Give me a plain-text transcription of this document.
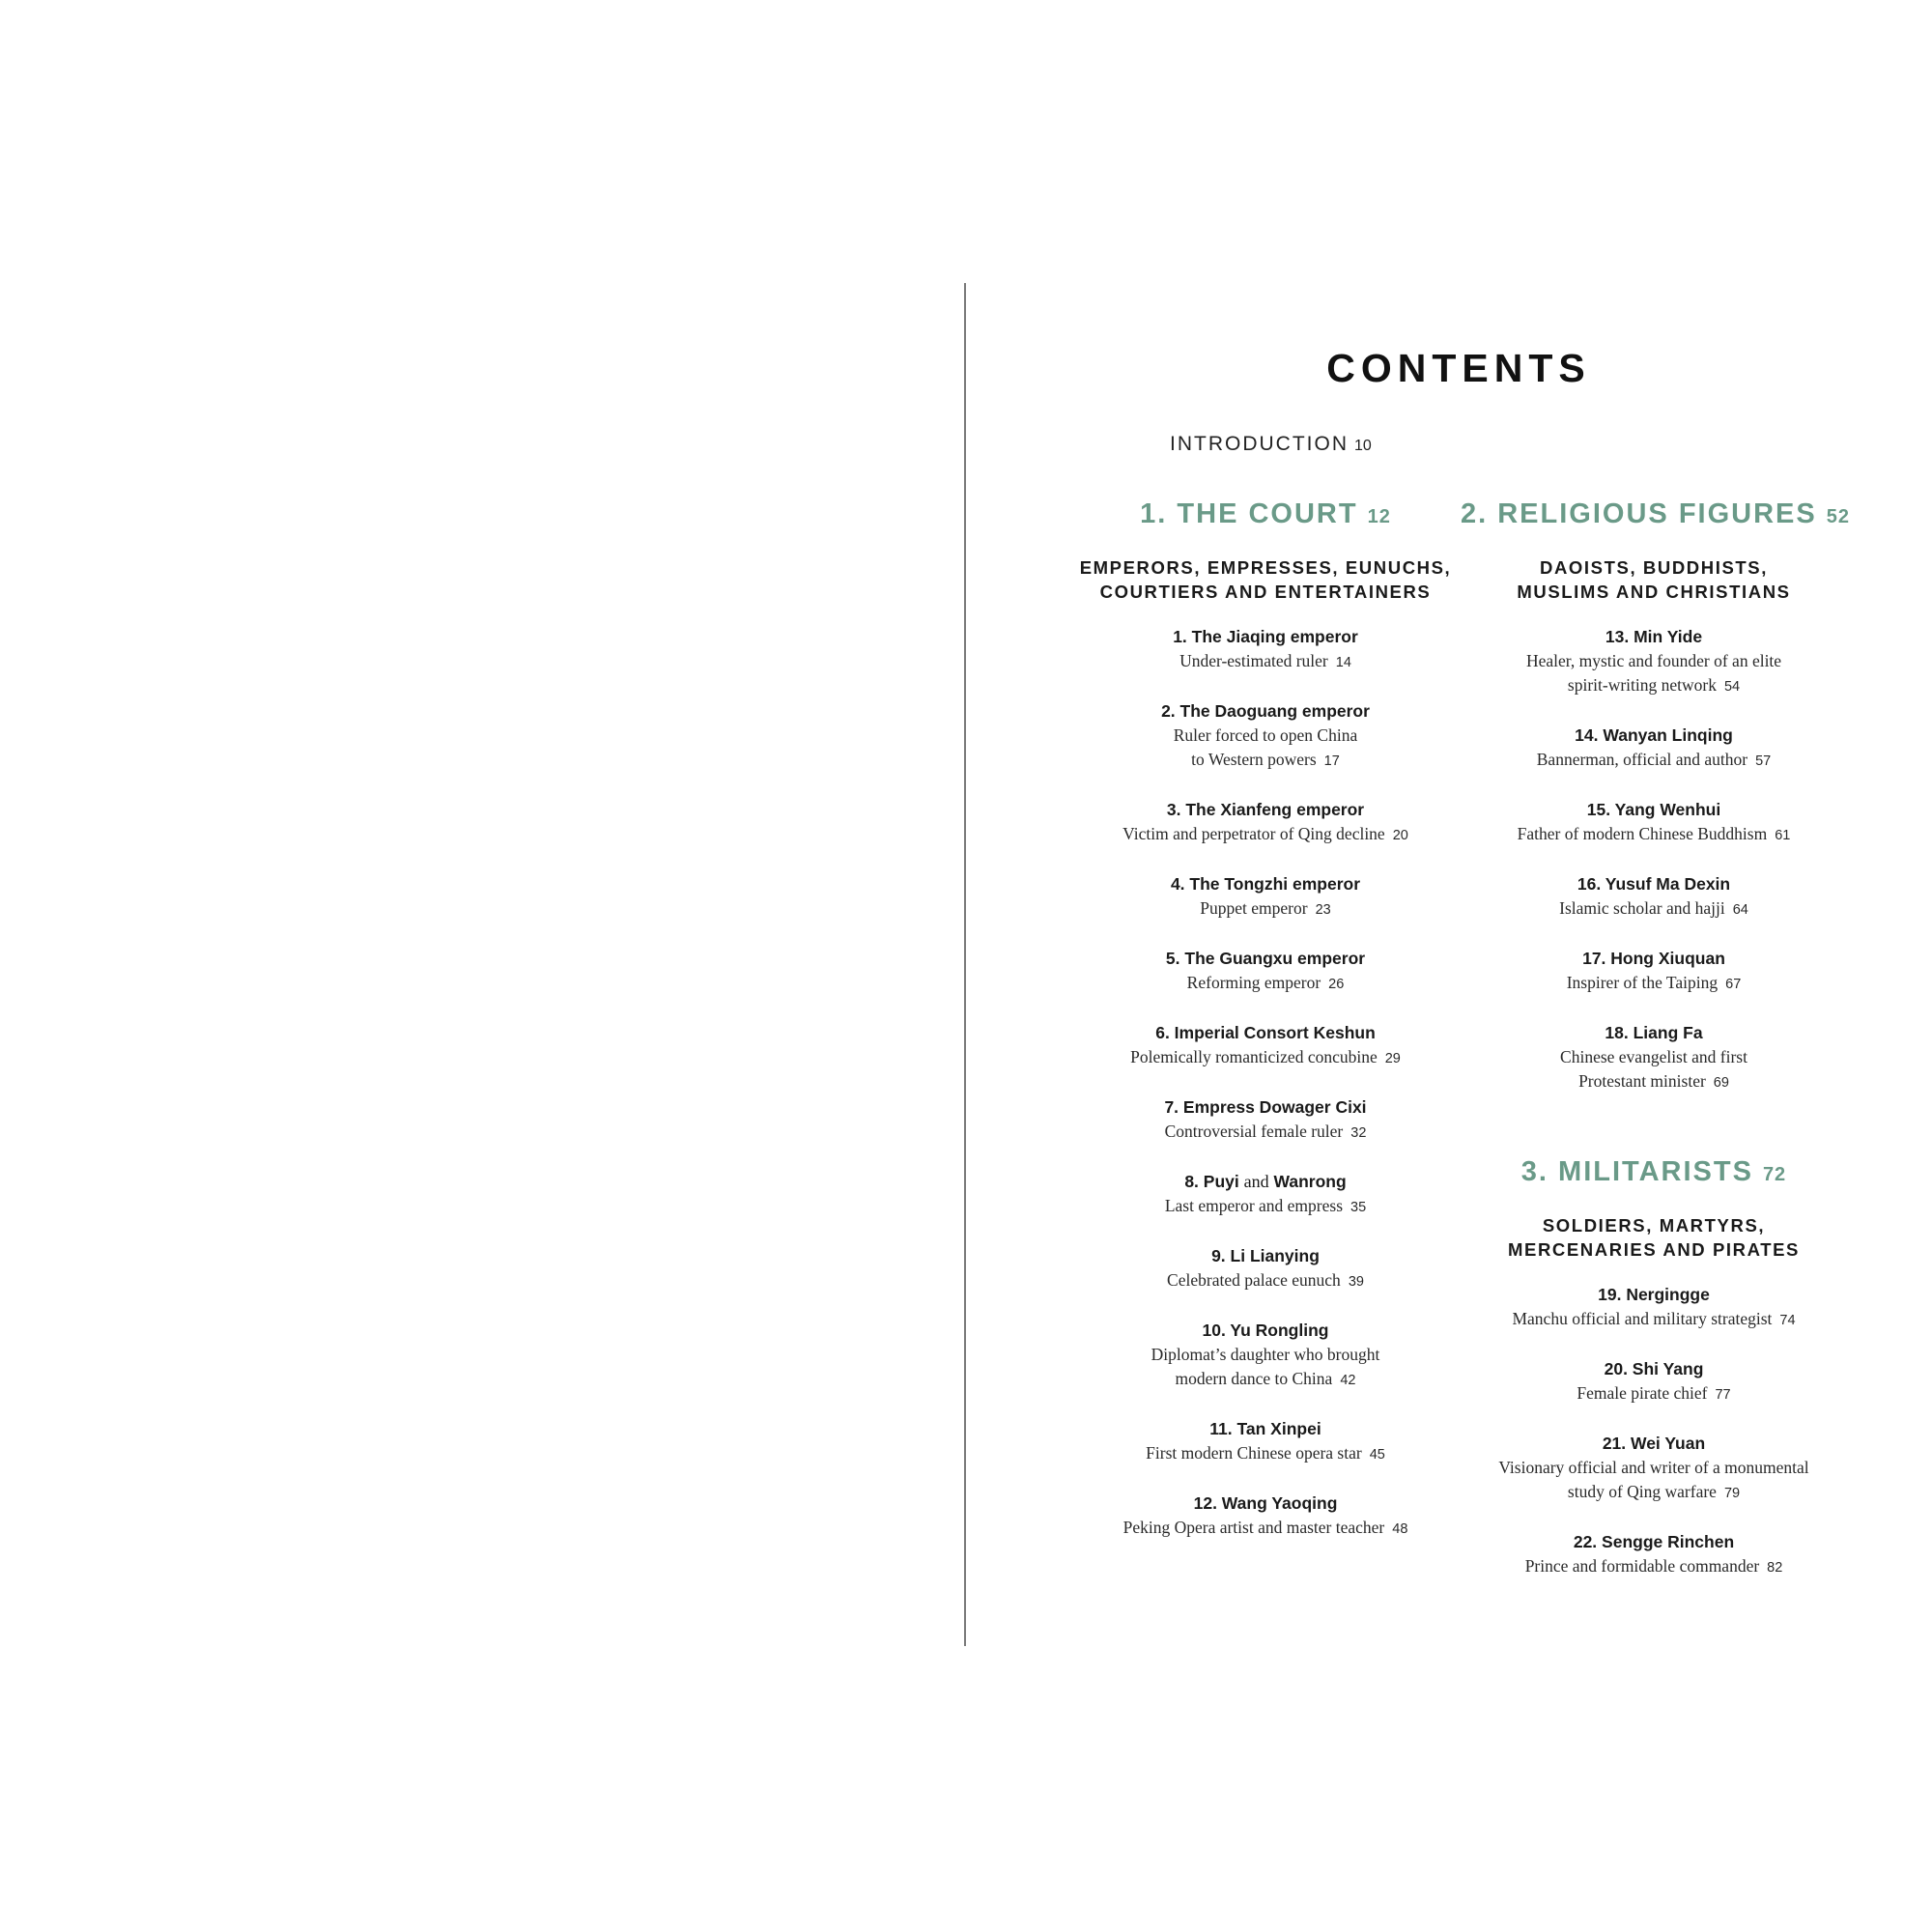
CONTENTS
INTRODUCTION 10
1. THE COURT 12
EMPERORS, EMPRESSES, EUNUCHS,
COURTIERS AND ENTERTAINERS
1. The Jiaqing emperor
Under-estimated ruler 14
2. The Daoguang emperor
Ruler forced to open China
to Western powers 17
3. The Xianfeng emperor
Victim and perpetrator of Qing decline 20
4. The Tongzhi emperor
Puppet emperor 23
5. The Guangxu emperor
Reforming emperor 26
6. Imperial Consort Keshun
Polemically romanticized concubine 29
7. Empress Dowager Cixi
Controversial female ruler 32
8. Puyi and Wanrong
Last emperor and empress 35
9. Li Lianying
Celebrated palace eunuch 39
10. Yu Rongling
Diplomat’s daughter who brought
modern dance to China 42
11. Tan Xinpei
First modern Chinese opera star 45
12. Wang Yaoqing
Peking Opera artist and master teacher 48
2. RELIGIOUS FIGURES 52
DAOISTS, BUDDHISTS,
MUSLIMS AND CHRISTIANS
13. Min Yide
Healer, mystic and founder of an elite
spirit-writing network 54
14. Wanyan Linqing
Bannerman, official and author 57
15. Yang Wenhui
Father of modern Chinese Buddhism 61
16. Yusuf Ma Dexin
Islamic scholar and hajji 64
17. Hong Xiuquan
Inspirer of the Taiping 67
18. Liang Fa
Chinese evangelist and first
Protestant minister 69
3. MILITARISTS 72
SOLDIERS, MARTYRS,
MERCENARIES AND PIRATES
19. Nergingge
Manchu official and military strategist 74
20. Shi Yang
Female pirate chief 77
21. Wei Yuan
Visionary official and writer of a monumental
study of Qing warfare 79
22. Sengge Rinchen
Prince and formidable commander 82
